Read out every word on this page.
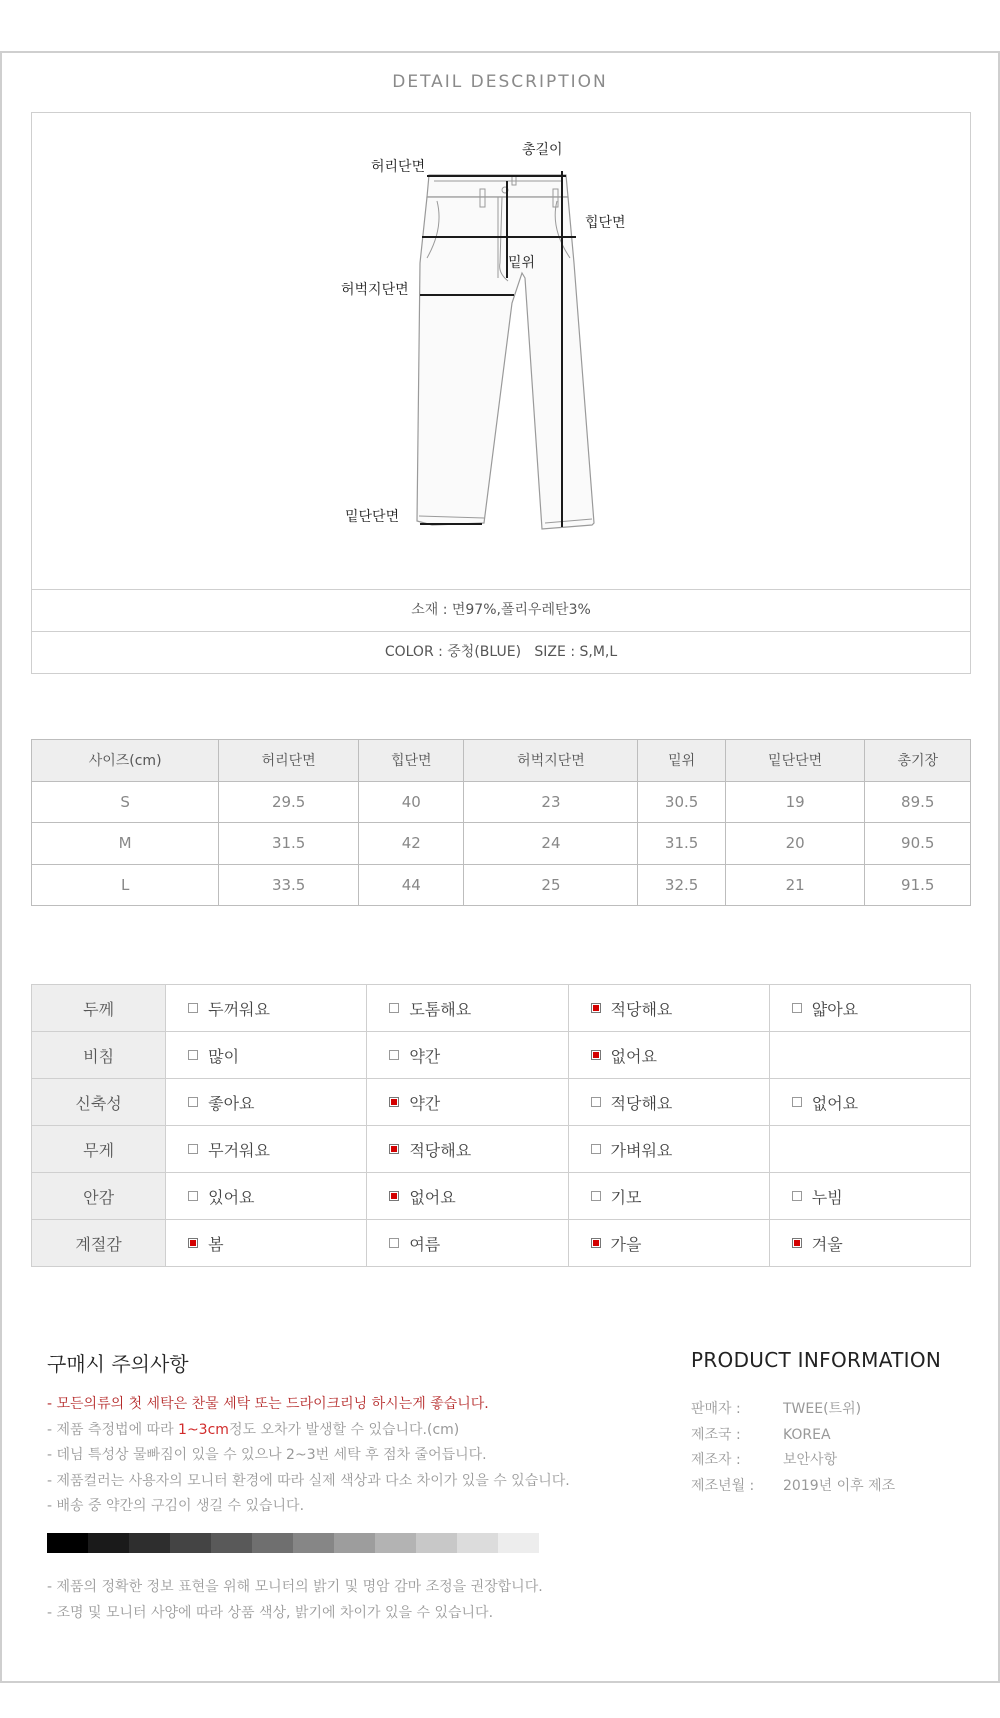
DETAIL DESCRIPTION
허리단면
총길이
힙단면
밑위
허벅지단면
밑단단면
소재 : 면97%,폴리우레탄3%
COLOR : 중청(BLUE)   SIZE : S,M,L
사이즈(cm)	허리단면	힙단면	허벅지단면	밑위	밑단단면	총기장
S	29.5	40	23	30.5	19	89.5
M	31.5	42	24	31.5	20	90.5
L	33.5	44	25	32.5	21	91.5
두께	두꺼워요	도톰해요	적당해요	얇아요
비침	많이	약간	없어요	
신축성	좋아요	약간	적당해요	없어요
무게	무거워요	적당해요	가벼워요	
안감	있어요	없어요	기모	누빔
계절감	봄	여름	가을	겨울
구매시 주의사항
- 모든의류의 첫 세탁은 찬물 세탁 또는 드라이크리닝 하시는게 좋습니다.
- 제품 측정법에 따라 1~3cm정도 오차가 발생할 수 있습니다.(cm)
- 데님 특성상 물빠짐이 있을 수 있으나 2~3번 세탁 후 점차 줄어듭니다.
- 제품컬러는 사용자의 모니터 환경에 따라 실제 색상과 다소 차이가 있을 수 있습니다.
- 배송 중 약간의 구김이 생길 수 있습니다.
- 제품의 정확한 정보 표현을 위해 모니터의 밝기 및 명암 감마 조정을 권장합니다.
- 조명 및 모니터 사양에 따라 상품 색상, 밝기에 차이가 있을 수 있습니다.
PRODUCT INFORMATION
판매자 :	TWEE(트위)
제조국 :	KOREA
제조자 :	보안사항
제조년월 : 2019년 이후 제조
